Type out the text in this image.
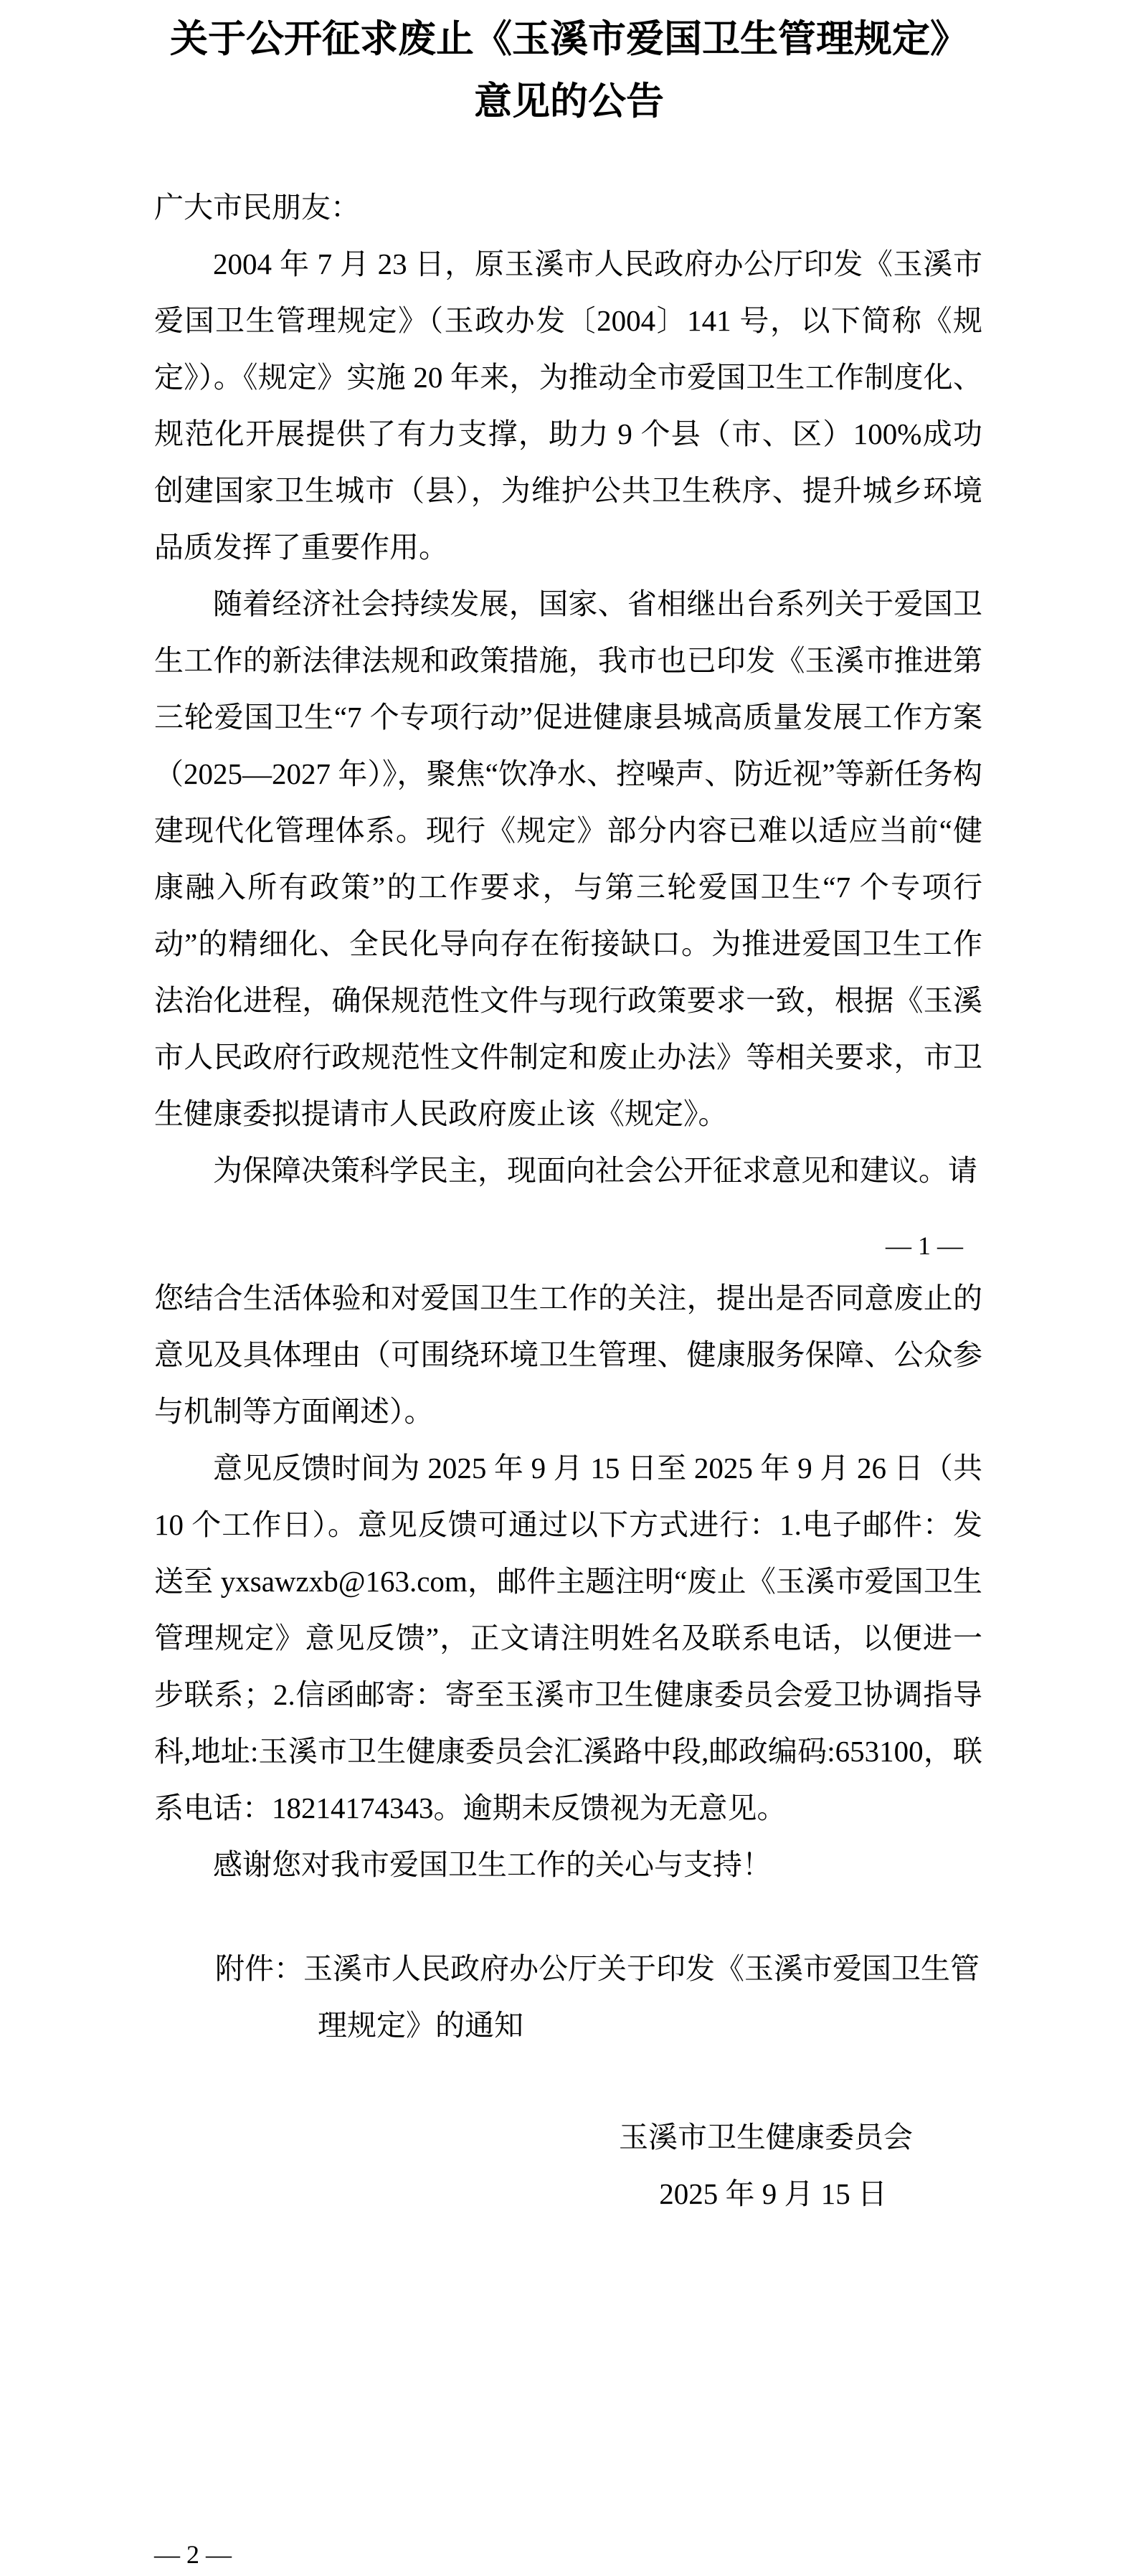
关于公开征求废止《玉溪市爱国卫生管理规定》
意见的公告
广大市民朋友：
2004 年 7 月 23 日，原玉溪市人民政府办公厅印发《玉溪市爱国卫生管理规定》（玉政办发〔2004〕141 号，以下简称《规定》）。《规定》实施 20 年来，为推动全市爱国卫生工作制度化、规范化开展提供了有力支撑，助力 9 个县（市、区）100%成功创建国家卫生城市（县），为维护公共卫生秩序、提升城乡环境品质发挥了重要作用。
随着经济社会持续发展，国家、省相继出台系列关于爱国卫生工作的新法律法规和政策措施，我市也已印发《玉溪市推进第三轮爱国卫生“7 个专项行动”促进健康县城高质量发展工作方案（2025—2027 年）》，聚焦“饮净水、控噪声、防近视”等新任务构建现代化管理体系。现行《规定》部分内容已难以适应当前“健康融入所有政策”的工作要求，与第三轮爱国卫生“7 个专项行动”的精细化、全民化导向存在衔接缺口。为推进爱国卫生工作法治化进程，确保规范性文件与现行政策要求一致，根据《玉溪市人民政府行政规范性文件制定和废止办法》等相关要求，市卫生健康委拟提请市人民政府废止该《规定》。
为保障决策科学民主，现面向社会公开征求意见和建议。请
— 1 —
您结合生活体验和对爱国卫生工作的关注，提出是否同意废止的意见及具体理由（可围绕环境卫生管理、健康服务保障、公众参与机制等方面阐述）。
意见反馈时间为 2025 年 9 月 15 日至 2025 年 9 月 26 日（共 10 个工作日）。意见反馈可通过以下方式进行：1.电子邮件：发送至 yxsawzxb@163.com，邮件主题注明“废止《玉溪市爱国卫生管理规定》意见反馈”，正文请注明姓名及联系电话，以便进一步联系；2.信函邮寄：寄至玉溪市卫生健康委员会爱卫协调指导科,地址:玉溪市卫生健康委员会汇溪路中段,邮政编码:653100，联系电话：18214174343。逾期未反馈视为无意见。
感谢您对我市爱国卫生工作的关心与支持！
附件：玉溪市人民政府办公厅关于印发《玉溪市爱国卫生管理规定》的通知
玉溪市卫生健康委员会
2025 年 9 月 15 日
— 2 —
